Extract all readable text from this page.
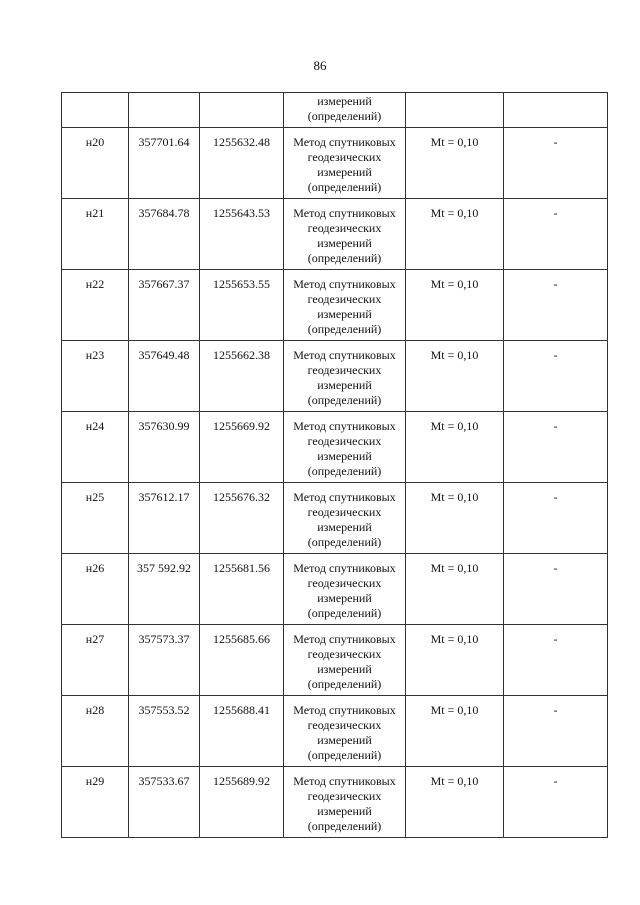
86

			измерений
(определений)		

н20	357701.64	1255632.48	Метод спутниковых
геодезических
измерений
(определений)	Mt = 0,10	-
н21	357684.78	1255643.53	Метод спутниковых
геодезических
измерений
(определений)	Mt = 0,10	-
н22	357667.37	1255653.55	Метод спутниковых
геодезических
измерений
(определений)	Mt = 0,10	-
н23	357649.48	1255662.38	Метод спутниковых
геодезических
измерений
(определений)	Mt = 0,10	-
н24	357630.99	1255669.92	Метод спутниковых
геодезических
измерений
(определений)	Mt = 0,10	-
н25	357612.17	1255676.32	Метод спутниковых
геодезических
измерений
(определений)	Mt = 0,10	-
н26	357 592.92	1255681.56	Метод спутниковых
геодезических
измерений
(определений)	Mt = 0,10	-
н27	357573.37	1255685.66	Метод спутниковых
геодезических
измерений
(определений)	Mt = 0,10	-
н28	357553.52	1255688.41	Метод спутниковых
геодезических
измерений
(определений)	Mt = 0,10	-
н29	357533.67	1255689.92	Метод спутниковых
геодезических
измерений
(определений)	Mt = 0,10	-
